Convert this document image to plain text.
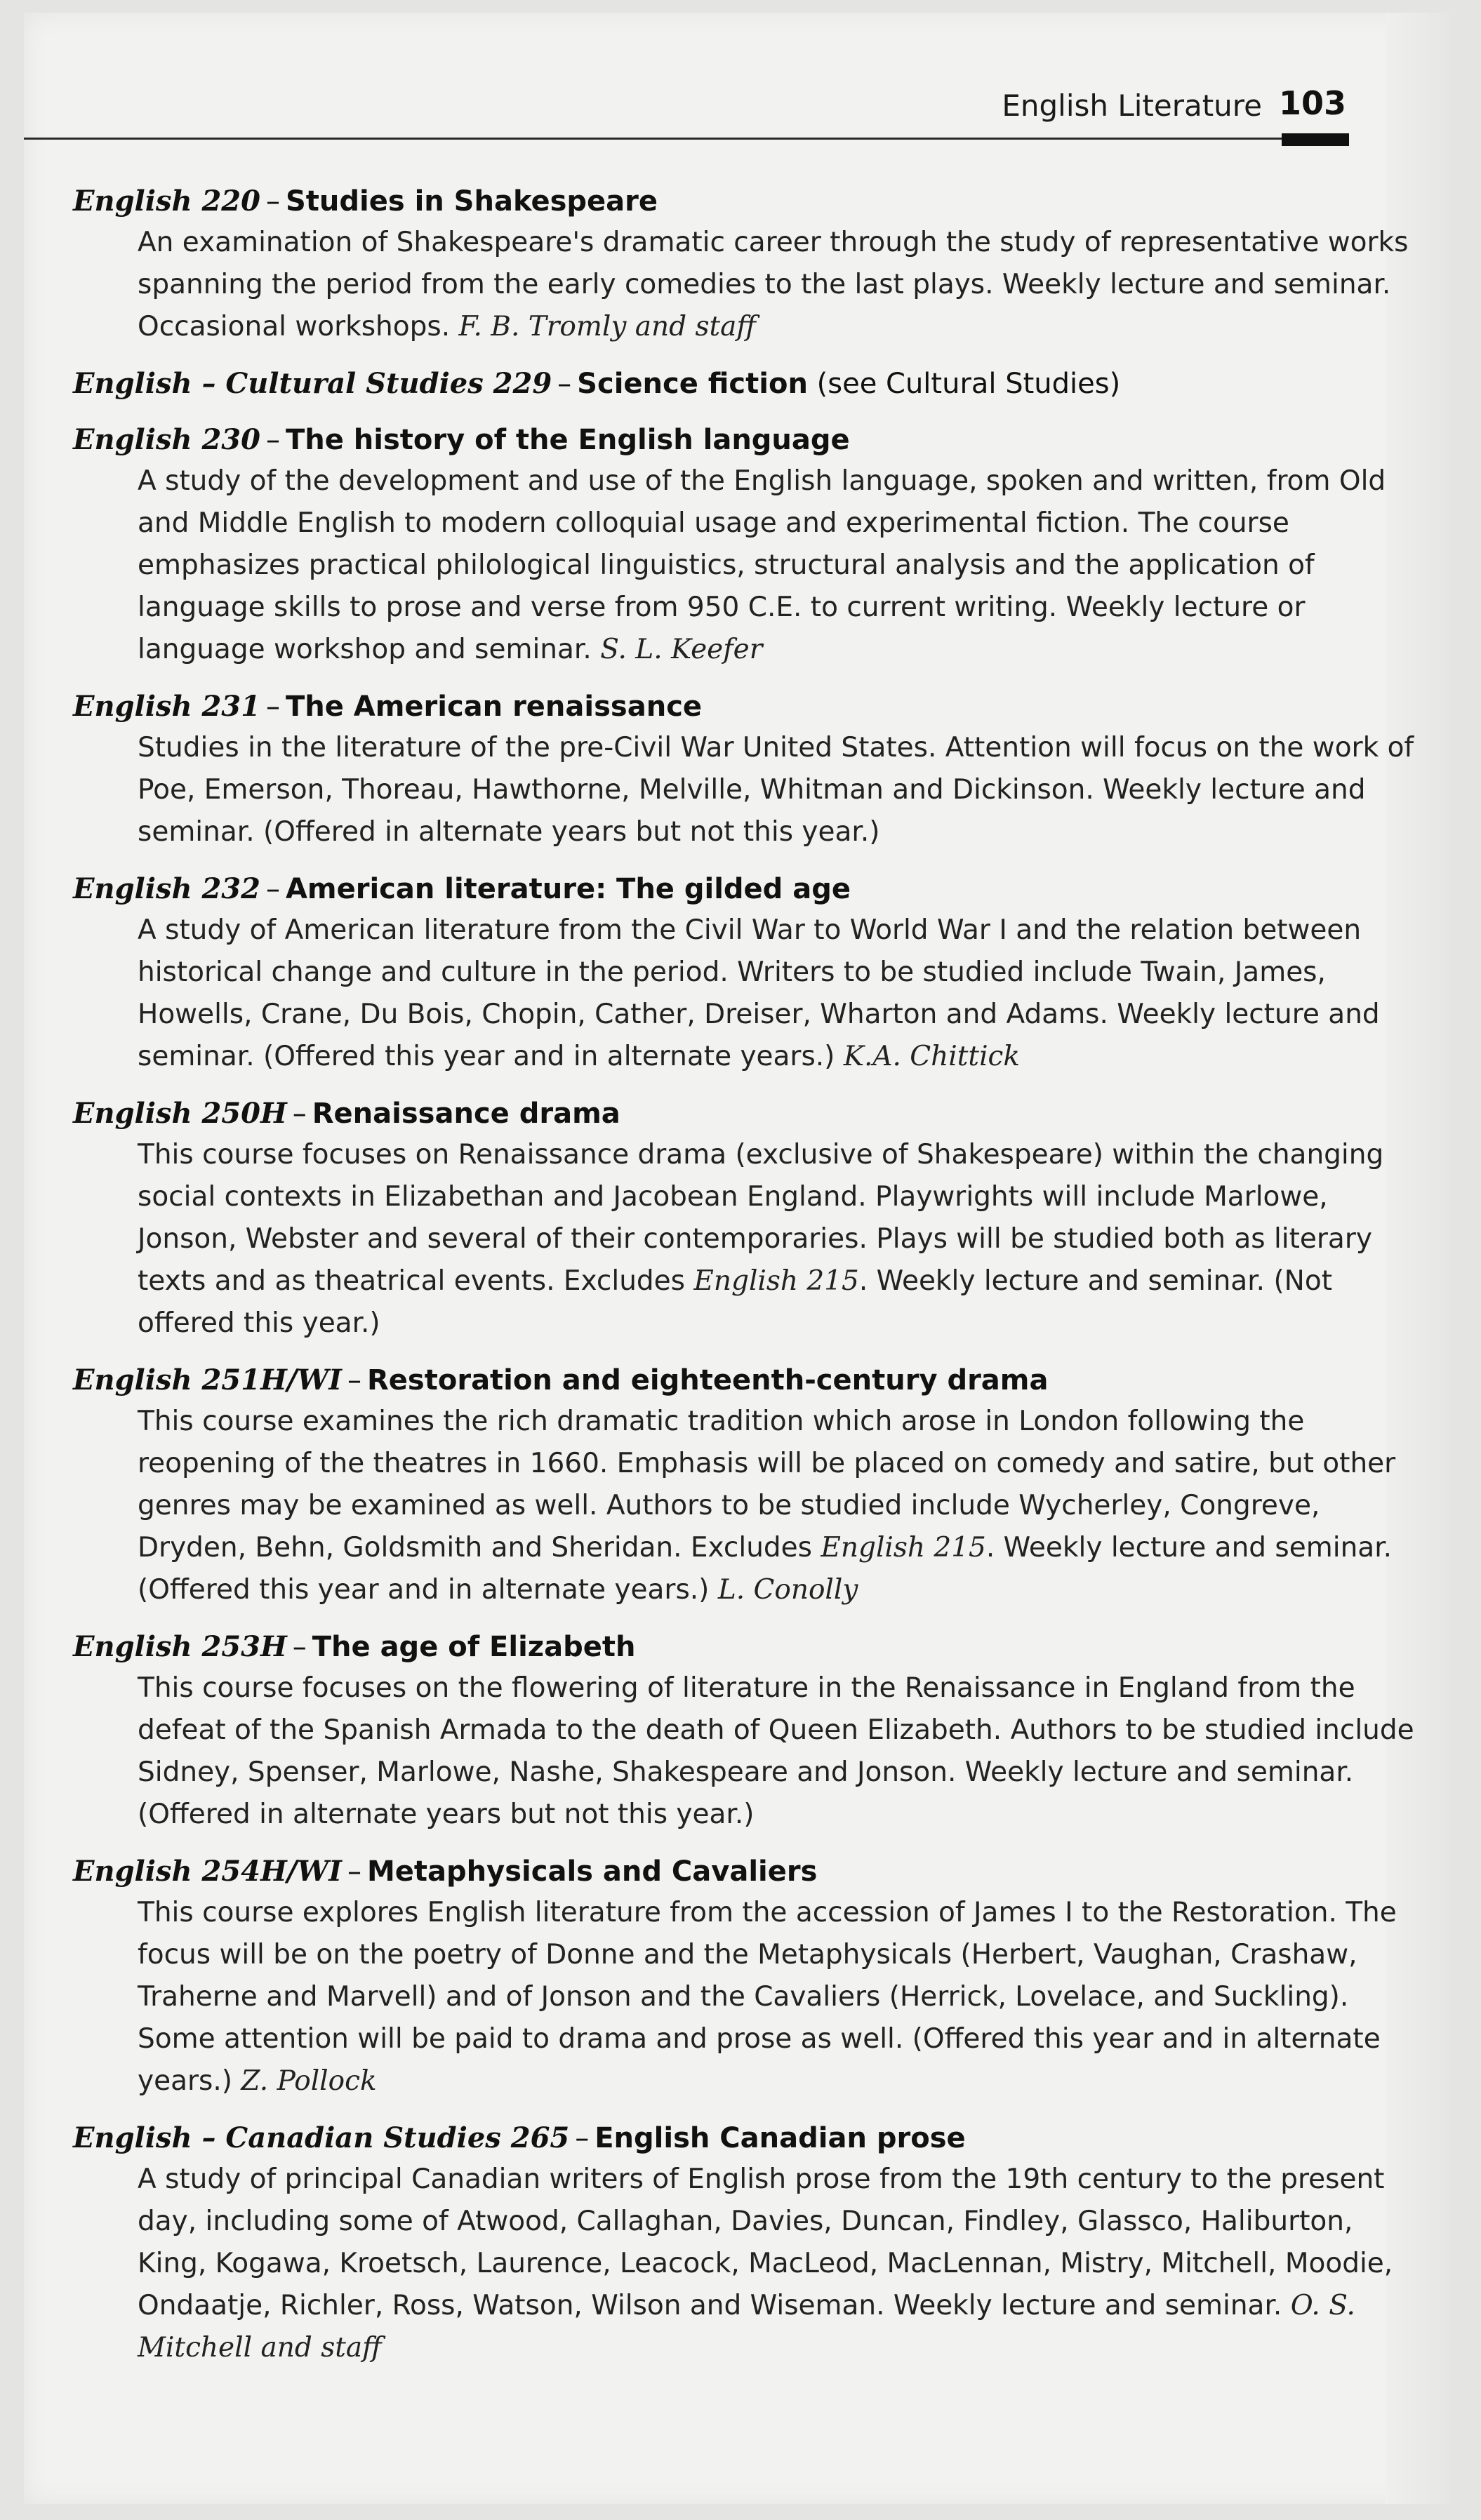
English Literature 103
English 220 – Studies in Shakespeare
An examination of Shakespeare's dramatic career through the study of representative works spanning the period from the early comedies to the last plays. Weekly lecture and seminar. Occasional workshops. F. B. Tromly and staff
English – Cultural Studies 229 – Science fiction (see Cultural Studies)
English 230 – The history of the English language
A study of the development and use of the English language, spoken and written, from Old and Middle English to modern colloquial usage and experimental fiction. The course emphasizes practical philological linguistics, structural analysis and the application of language skills to prose and verse from 950 C.E. to current writing. Weekly lecture or language workshop and seminar. S. L. Keefer
English 231 – The American renaissance
Studies in the literature of the pre-Civil War United States. Attention will focus on the work of Poe, Emerson, Thoreau, Hawthorne, Melville, Whitman and Dickinson. Weekly lecture and seminar. (Offered in alternate years but not this year.)
English 232 – American literature: The gilded age
A study of American literature from the Civil War to World War I and the relation between historical change and culture in the period. Writers to be studied include Twain, James, Howells, Crane, Du Bois, Chopin, Cather, Dreiser, Wharton and Adams. Weekly lecture and seminar. (Offered this year and in alternate years.) K.A. Chittick
English 250H – Renaissance drama
This course focuses on Renaissance drama (exclusive of Shakespeare) within the changing social contexts in Elizabethan and Jacobean England. Playwrights will include Marlowe, Jonson, Webster and several of their contemporaries. Plays will be studied both as literary texts and as theatrical events. Excludes English 215. Weekly lecture and seminar. (Not offered this year.)
English 251H/WI – Restoration and eighteenth-century drama
This course examines the rich dramatic tradition which arose in London following the reopening of the theatres in 1660. Emphasis will be placed on comedy and satire, but other genres may be examined as well. Authors to be studied include Wycherley, Congreve, Dryden, Behn, Goldsmith and Sheridan. Excludes English 215. Weekly lecture and seminar. (Offered this year and in alternate years.) L. Conolly
English 253H – The age of Elizabeth
This course focuses on the flowering of literature in the Renaissance in England from the defeat of the Spanish Armada to the death of Queen Elizabeth. Authors to be studied include Sidney, Spenser, Marlowe, Nashe, Shakespeare and Jonson. Weekly lecture and seminar. (Offered in alternate years but not this year.)
English 254H/WI – Metaphysicals and Cavaliers
This course explores English literature from the accession of James I to the Restoration. The focus will be on the poetry of Donne and the Metaphysicals (Herbert, Vaughan, Crashaw, Traherne and Marvell) and of Jonson and the Cavaliers (Herrick, Lovelace, and Suckling). Some attention will be paid to drama and prose as well. (Offered this year and in alternate years.) Z. Pollock
English – Canadian Studies 265 – English Canadian prose
A study of principal Canadian writers of English prose from the 19th century to the present day, including some of Atwood, Callaghan, Davies, Duncan, Findley, Glassco, Haliburton, King, Kogawa, Kroetsch, Laurence, Leacock, MacLeod, MacLennan, Mistry, Mitchell, Moodie, Ondaatje, Richler, Ross, Watson, Wilson and Wiseman. Weekly lecture and seminar. O. S. Mitchell and staff
